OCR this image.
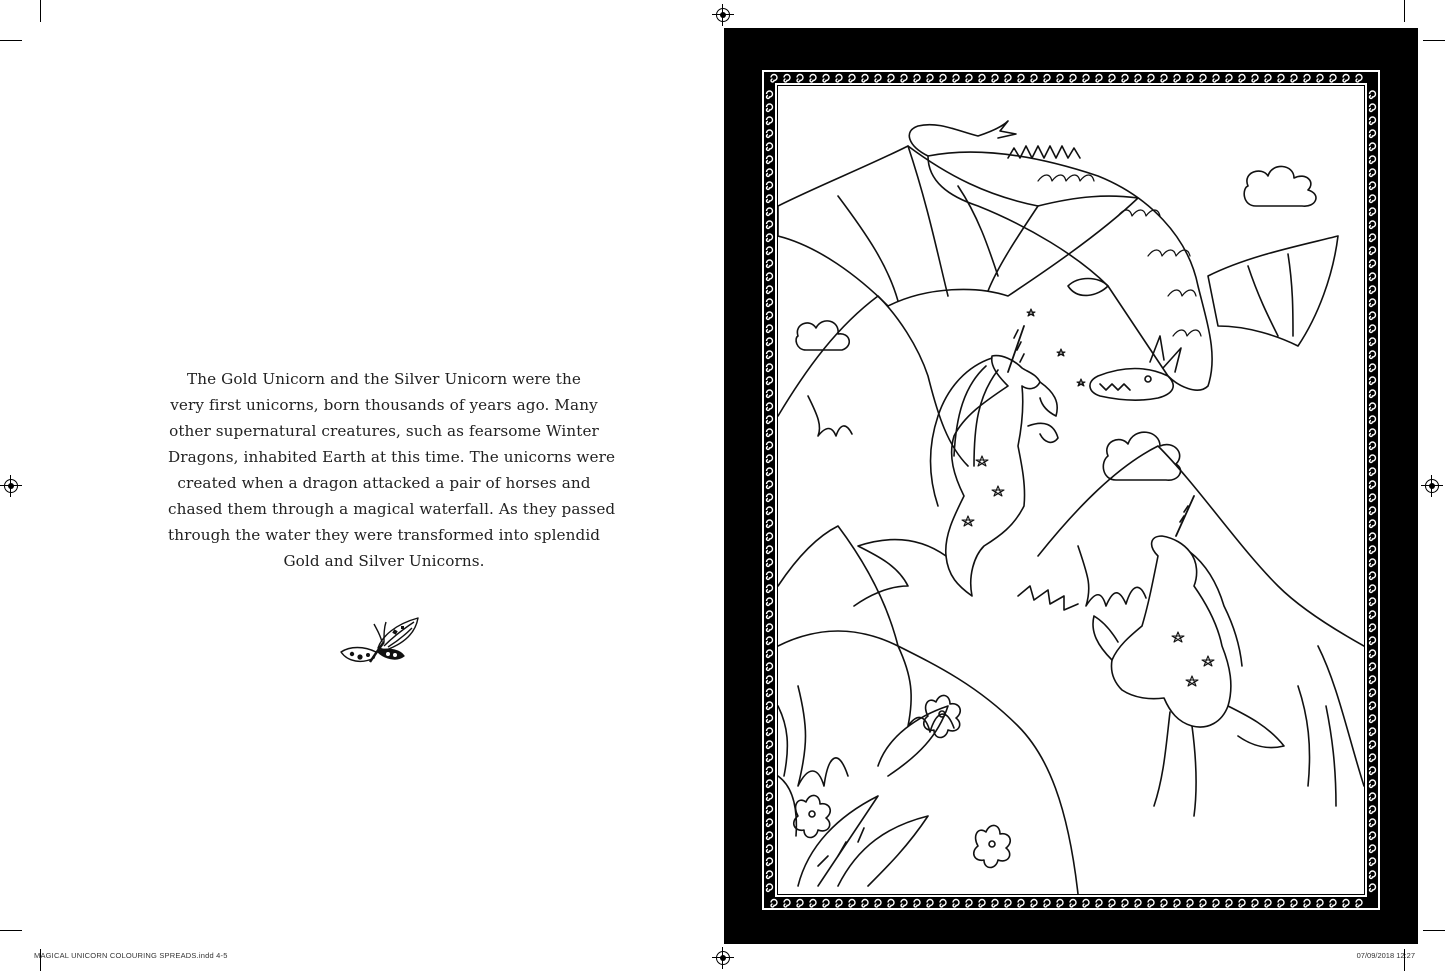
The Gold Unicorn and the Silver Unicorn were the
very first unicorns, born thousands of years ago. Many
other supernatural creatures, such as fearsome Winter
Dragons, inhabited Earth at this time. The unicorns were
created when a dragon attacked a pair of horses and
chased them through a magical waterfall. As they passed
through the water they were transformed into splendid
Gold and Silver Unicorns.
MAGICAL UNICORN COLOURING SPREADS.indd 4-5	07/09/2018 12:27
